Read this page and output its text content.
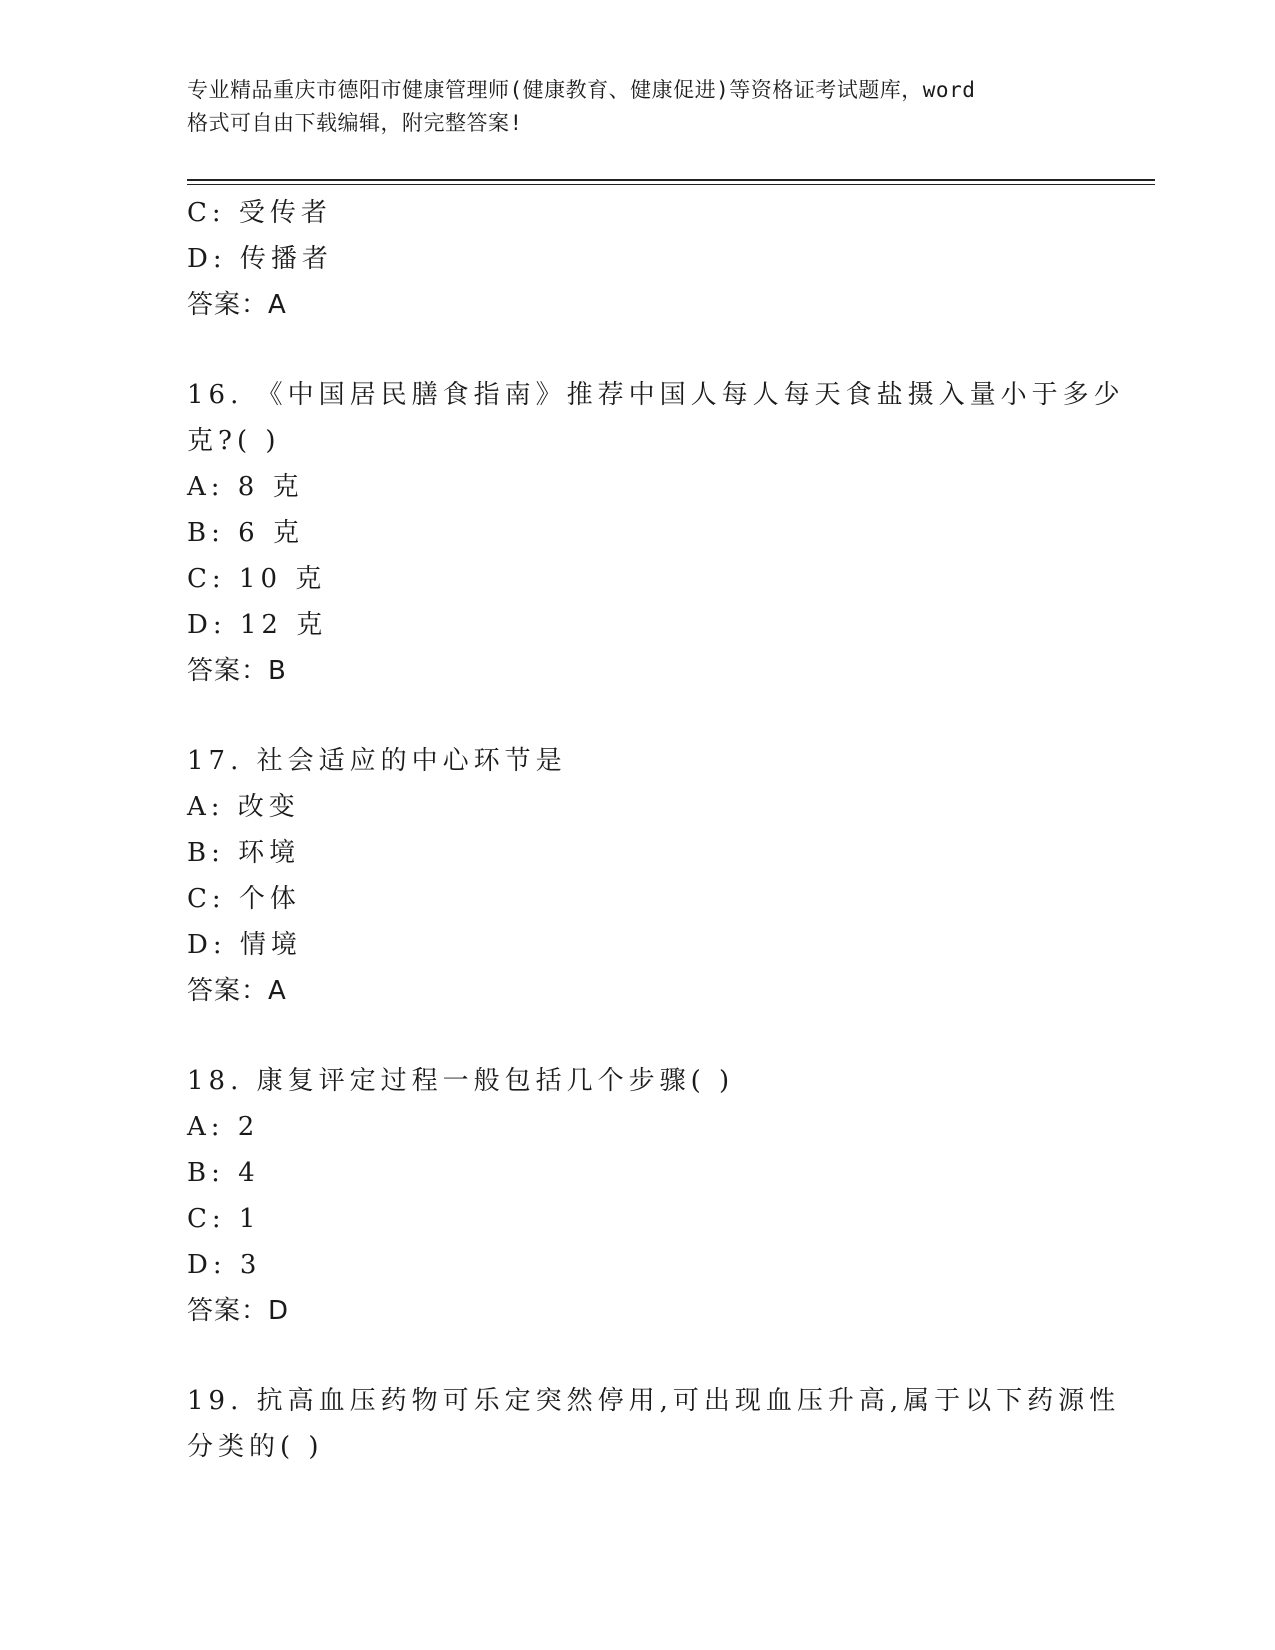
专业精品重庆市德阳市健康管理师(健康教育、健康促进)等资格证考试题库，word
格式可自由下载编辑，附完整答案!
C: 受传者
D: 传播者
答案：A
16. 《中国居民膳食指南》推荐中国人每人每天食盐摄入量小于多少
克?( )
A: 8 克
B: 6 克
C: 10 克
D: 12 克
答案：B
17. 社会适应的中心环节是
A: 改变
B: 环境
C: 个体
D: 情境
答案：A
18. 康复评定过程一般包括几个步骤( )
A: 2
B: 4
C: 1
D: 3
答案：D
19. 抗高血压药物可乐定突然停用,可出现血压升高,属于以下药源性
分类的( )
